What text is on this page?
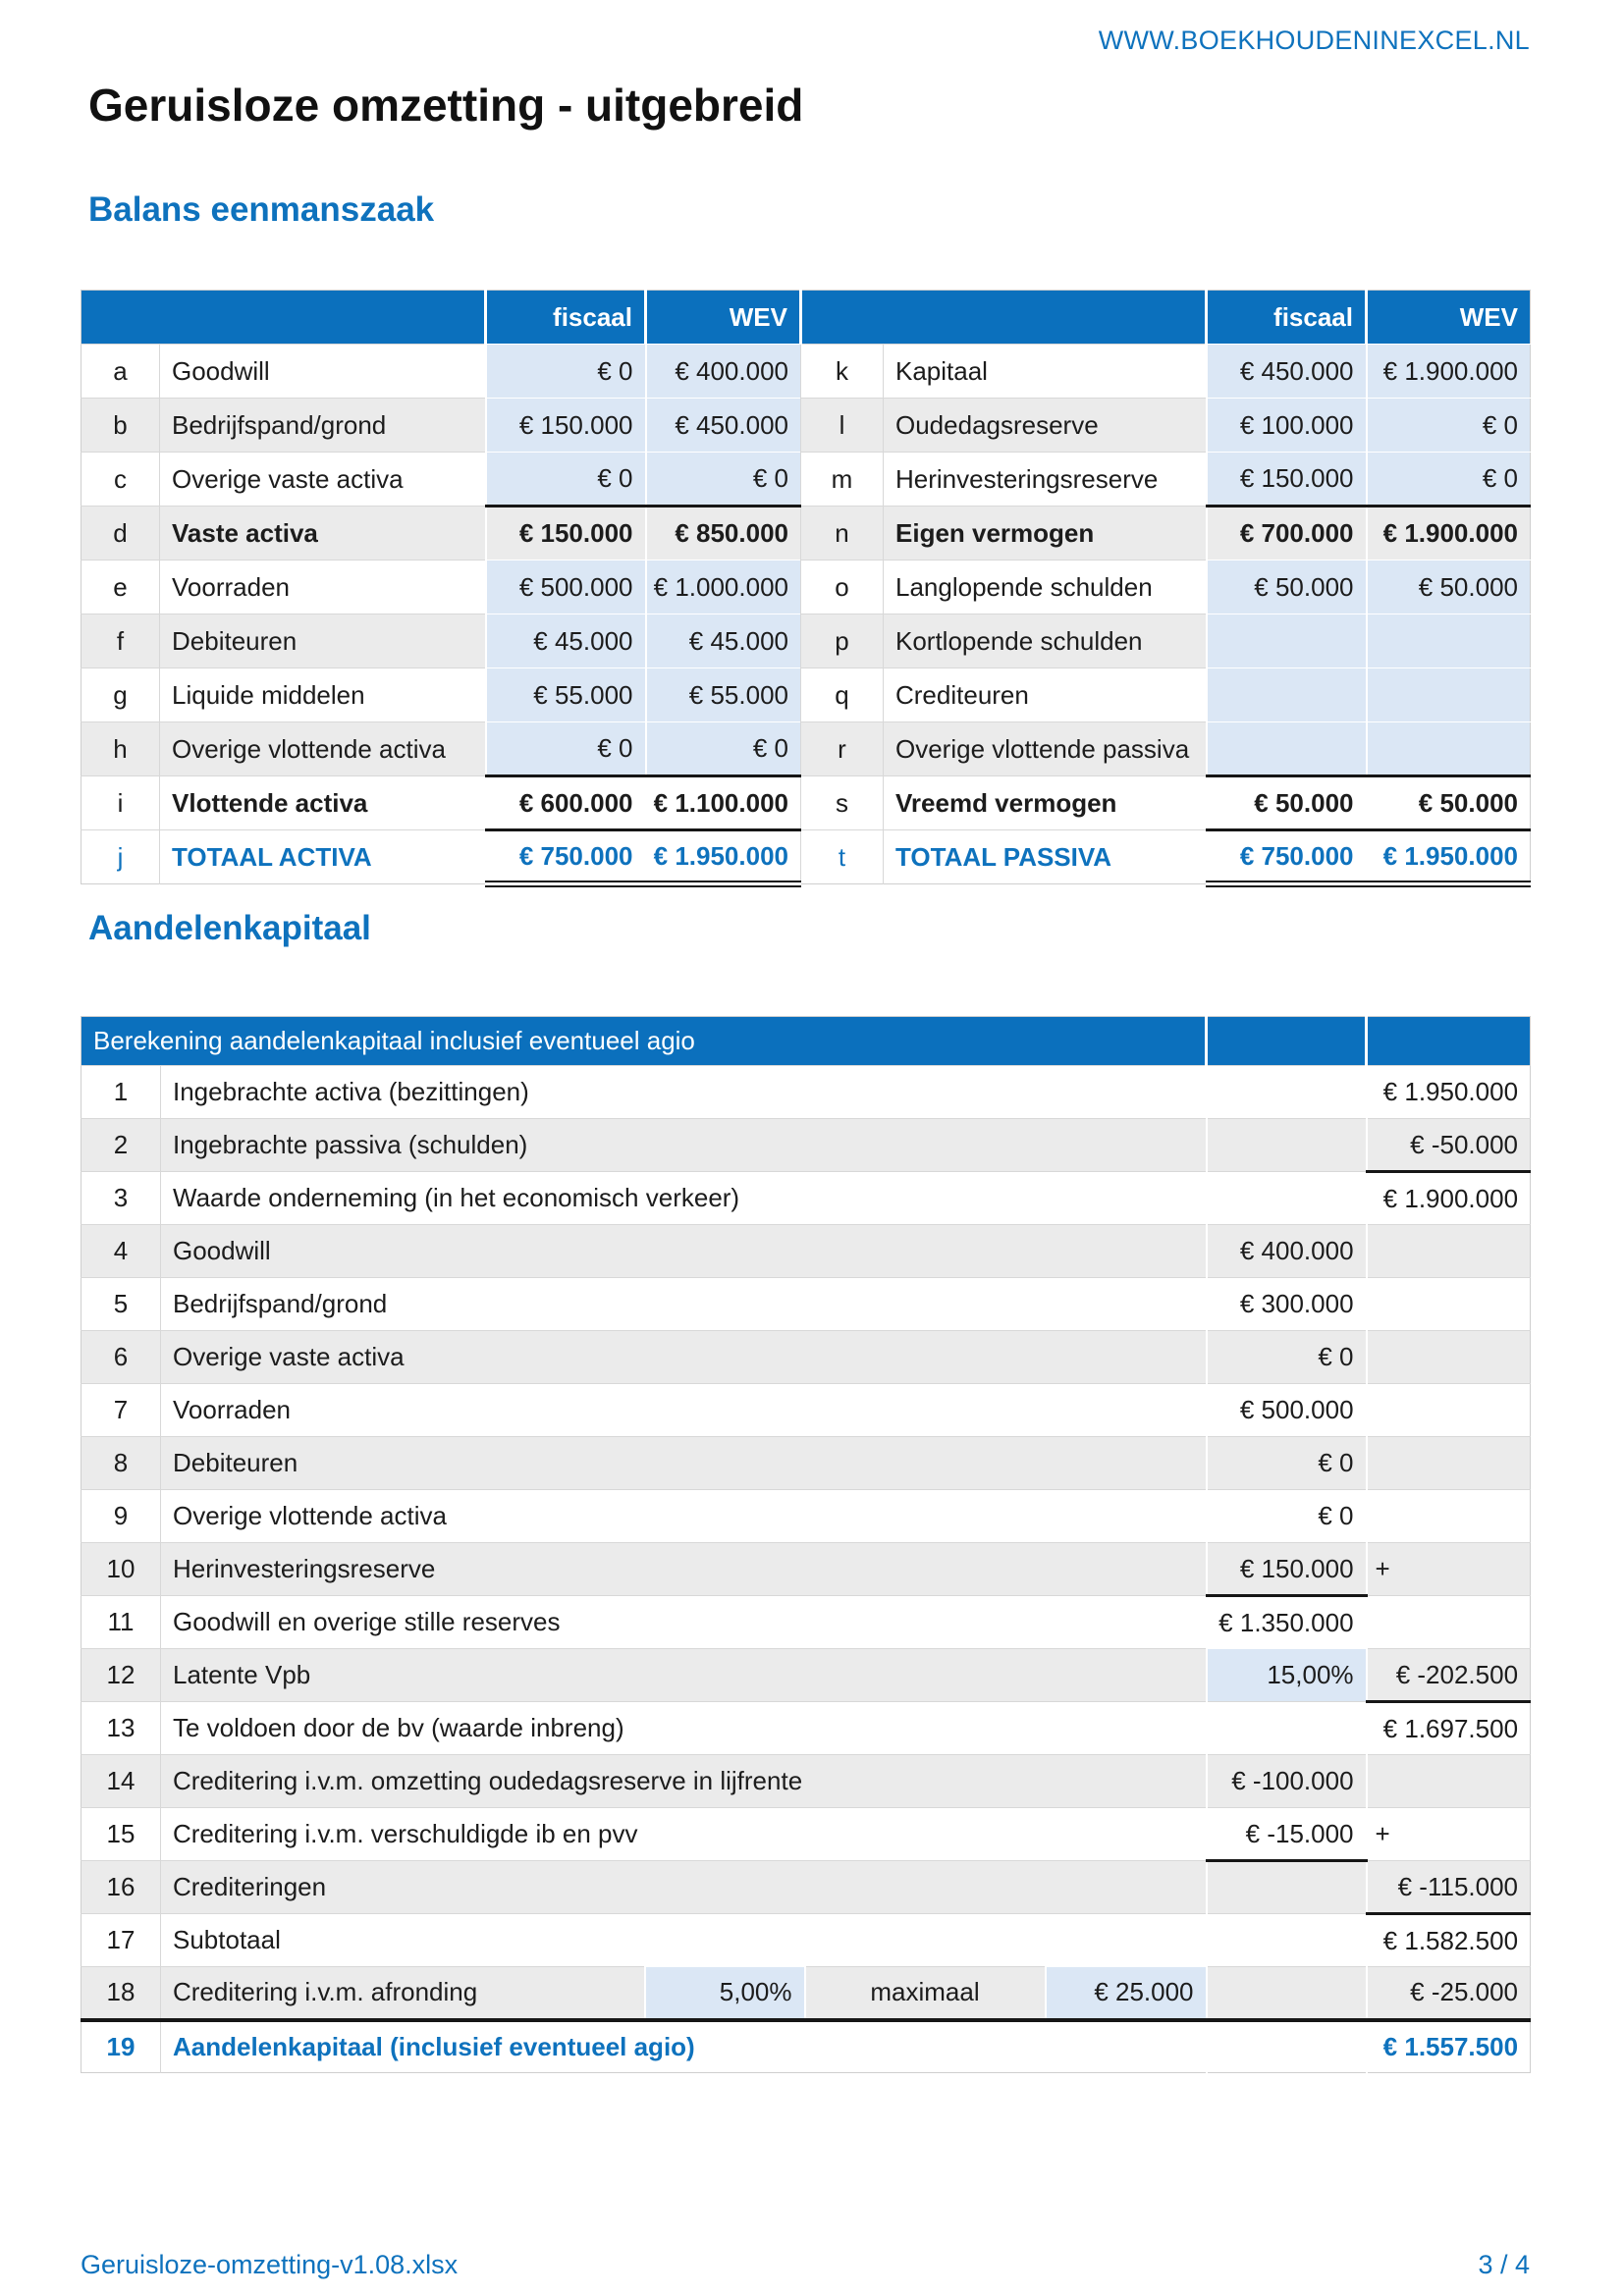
WWW.BOEKHOUDENINEXCEL.NL
Geruisloze omzetting - uitgebreid
Balans eenmanszaak
		fiscaal	WEV			fiscaal	WEV
a	Goodwill	€ 0	€ 400.000	k	Kapitaal	€ 450.000	€ 1.900.000
b	Bedrijfspand/grond	€ 150.000	€ 450.000	l	Oudedagsreserve	€ 100.000	€ 0
c	Overige vaste activa	€ 0	€ 0	m	Herinvesteringsreserve	€ 150.000	€ 0
d	Vaste activa	€ 150.000	€ 850.000	n	Eigen vermogen	€ 700.000	€ 1.900.000
e	Voorraden	€ 500.000	€ 1.000.000	o	Langlopende schulden	€ 50.000	€ 50.000
f	Debiteuren	€ 45.000	€ 45.000	p	Kortlopende schulden		
g	Liquide middelen	€ 55.000	€ 55.000	q	Crediteuren		
h	Overige vlottende activa	€ 0	€ 0	r	Overige vlottende passiva		
i	Vlottende activa	€ 600.000	€ 1.100.000	s	Vreemd vermogen	€ 50.000	€ 50.000
j	TOTAAL ACTIVA	€ 750.000	€ 1.950.000	t	TOTAAL PASSIVA	€ 750.000	€ 1.950.000
Aandelenkapitaal
Berekening aandelenkapitaal inclusief eventueel agio						
1	Ingebrachte activa (bezittingen)					€ 1.950.000
2	Ingebrachte passiva (schulden)					€ -50.000
3	Waarde onderneming (in het economisch verkeer)					€ 1.900.000
4	Goodwill				€ 400.000	
5	Bedrijfspand/grond				€ 300.000	
6	Overige vaste activa				€ 0	
7	Voorraden				€ 500.000	
8	Debiteuren				€ 0	
9	Overige vlottende activa				€ 0	
10	Herinvesteringsreserve				€ 150.000	+
11	Goodwill en overige stille reserves				€ 1.350.000	
12	Latente Vpb				15,00%	€ -202.500
13	Te voldoen door de bv (waarde inbreng)					€ 1.697.500
14	Creditering i.v.m. omzetting oudedagsreserve in lijfrente				€ -100.000	
15	Creditering i.v.m. verschuldigde ib en pvv				€ -15.000	+
16	Crediteringen					€ -115.000
17	Subtotaal					€ 1.582.500
18	Creditering i.v.m. afronding	5,00%	maximaal	€ 25.000		€ -25.000
19	Aandelenkapitaal (inclusief eventueel agio)					€ 1.557.500
Geruisloze-omzetting-v1.08.xlsx	3 / 4
